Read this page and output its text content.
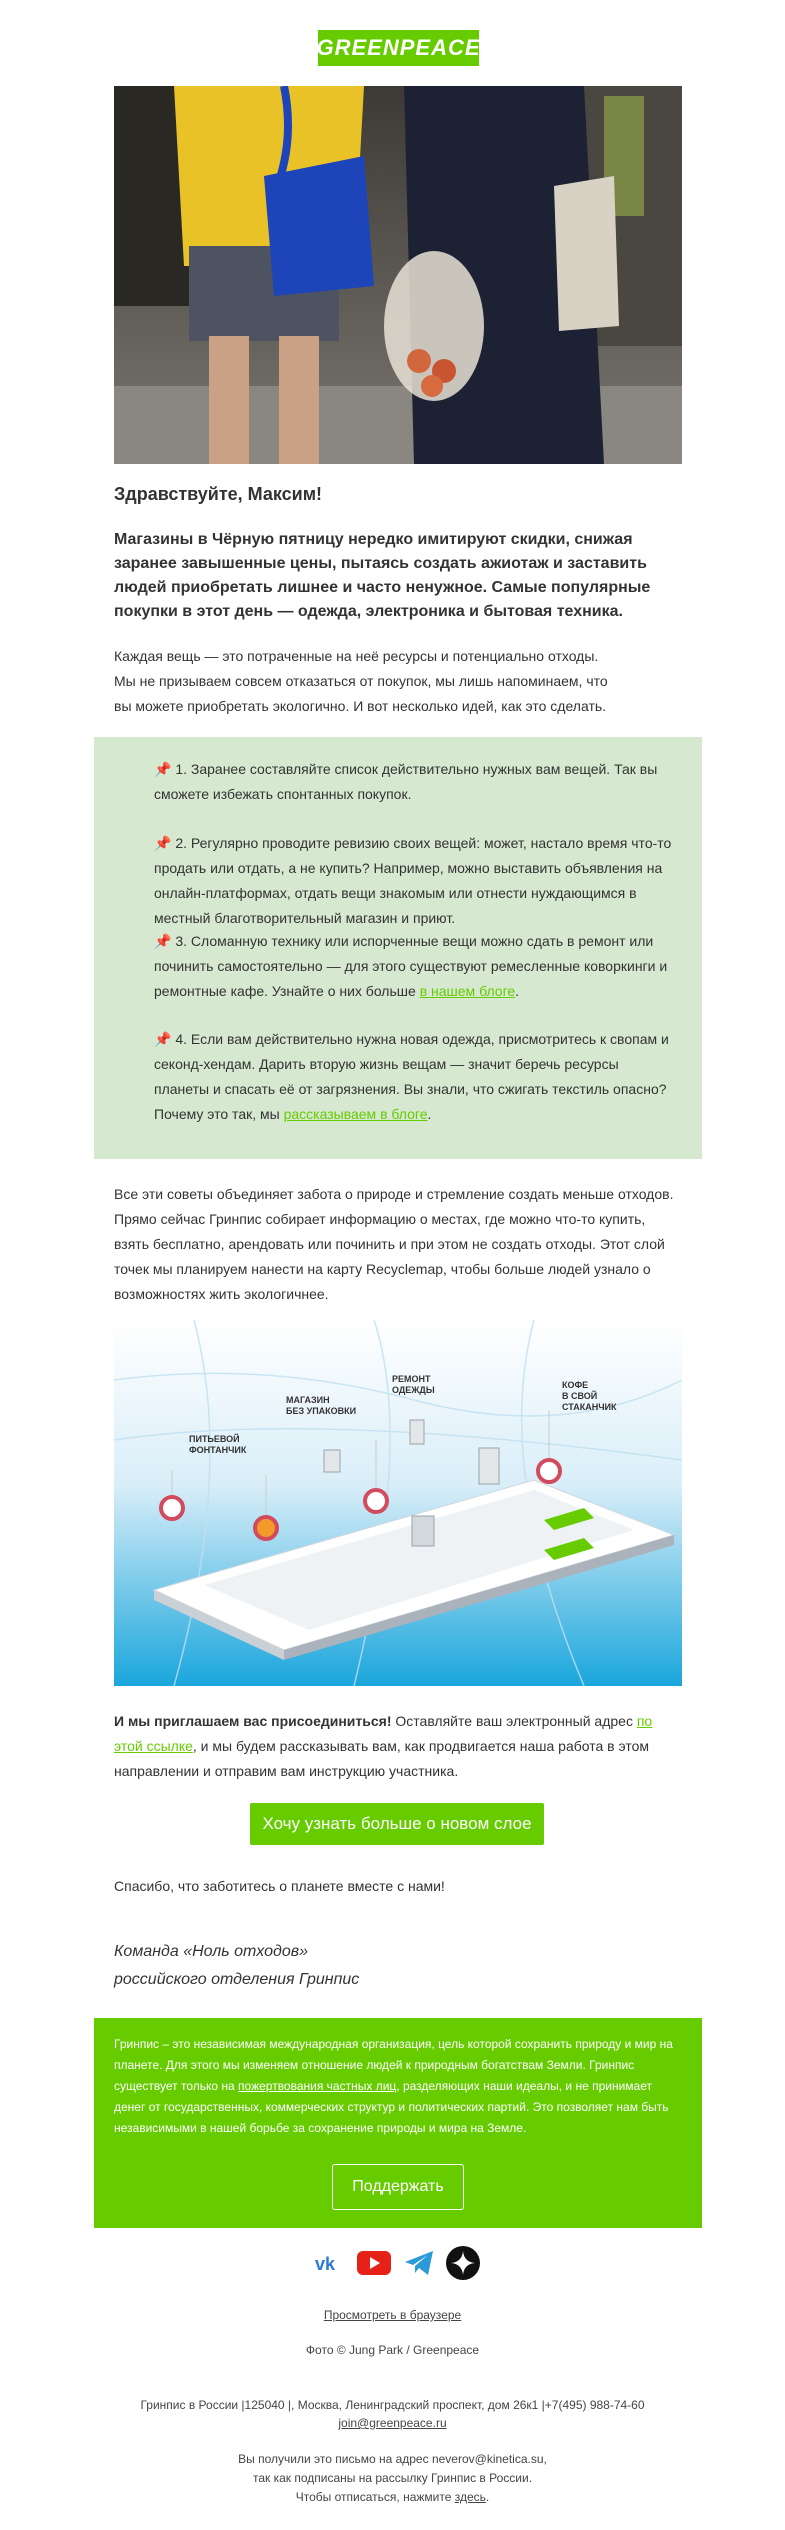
GREENPEACE
Здравствуйте, Максим!
Магазины в Чёрную пятницу нередко имитируют скидки, снижая заранее завышенные цены, пытаясь создать ажиотаж и заставить людей приобретать лишнее и часто ненужное. Самые популярные покупки в этот день — одежда, электроника и бытовая техника.
Каждая вещь — это потраченные на неё ресурсы и потенциально отходы.
Мы не призываем совсем отказаться от покупок, мы лишь напоминаем, что
вы можете приобретать экологично. И вот несколько идей, как это сделать.
📌 1. Заранее составляйте список действительно нужных вам вещей. Так вы сможете избежать спонтанных покупок.
📌 2. Регулярно проводите ревизию своих вещей: может, настало время что-то продать или отдать, а не купить? Например, можно выставить объявления на онлайн-платформах, отдать вещи знакомым или отнести нуждающимся в местный благотворительный магазин и приют.
📌 3. Сломанную технику или испорченные вещи можно сдать в ремонт или починить самостоятельно — для этого существуют ремесленные коворкинги и ремонтные кафе. Узнайте о них больше в нашем блоге.
📌 4. Если вам действительно нужна новая одежда, присмотритесь к свопам и секонд-хендам. Дарить вторую жизнь вещам — значит беречь ресурсы планеты и спасать её от загрязнения. Вы знали, что сжигать текстиль опасно? Почему это так, мы рассказываем в блоге.
Все эти советы объединяет забота о природе и стремление создать меньше отходов. Прямо сейчас Гринпис собирает информацию о местах, где можно что-то купить, взять бесплатно, арендовать или починить и при этом не создать отходы. Этот слой точек мы планируем нанести на карту Recyclemap, чтобы больше людей узнало о возможностях жить экологичнее.
ПИТЬЕВОЙ
ФОНТАНЧИК
МАГАЗИН
БЕЗ УПАКОВКИ
РЕМОНТ
ОДЕЖДЫ	КОФЕ
В СВОЙ
СТАКАНЧИК
И мы приглашаем вас присоединиться! Оставляйте ваш электронный адрес по этой ссылке, и мы будем рассказывать вам, как продвигается наша работа в этом направлении и отправим вам инструкцию участника.
Хочу узнать больше о новом слое
Спасибо, что заботитесь о планете вместе с нами!
Команда «Ноль отходов»
российского отделения Гринпис
Гринпис – это независимая международная организация, цель которой сохранить природу и мир на планете. Для этого мы изменяем отношение людей к природным богатствам Земли. Гринпис существует только на пожертвования частных лиц, разделяющих наши идеалы, и не принимает денег от государственных, коммерческих структур и политических партий. Это позволяет нам быть независимыми в нашей борьбе за сохранение природы и мира на Земле.
Поддержать
vk
Просмотреть в браузере
Фото © Jung Park / Greenpeace
Гринпис в России |125040 |, Москва, Ленинградский проспект, дом 26к1 |+7(495) 988-74-60
join@greenpeace.ru
Вы получили это письмо на адрес neverov@kinetica.su,
так как подписаны на рассылку Гринпис в России.
Чтобы отписаться, нажмите здесь.
